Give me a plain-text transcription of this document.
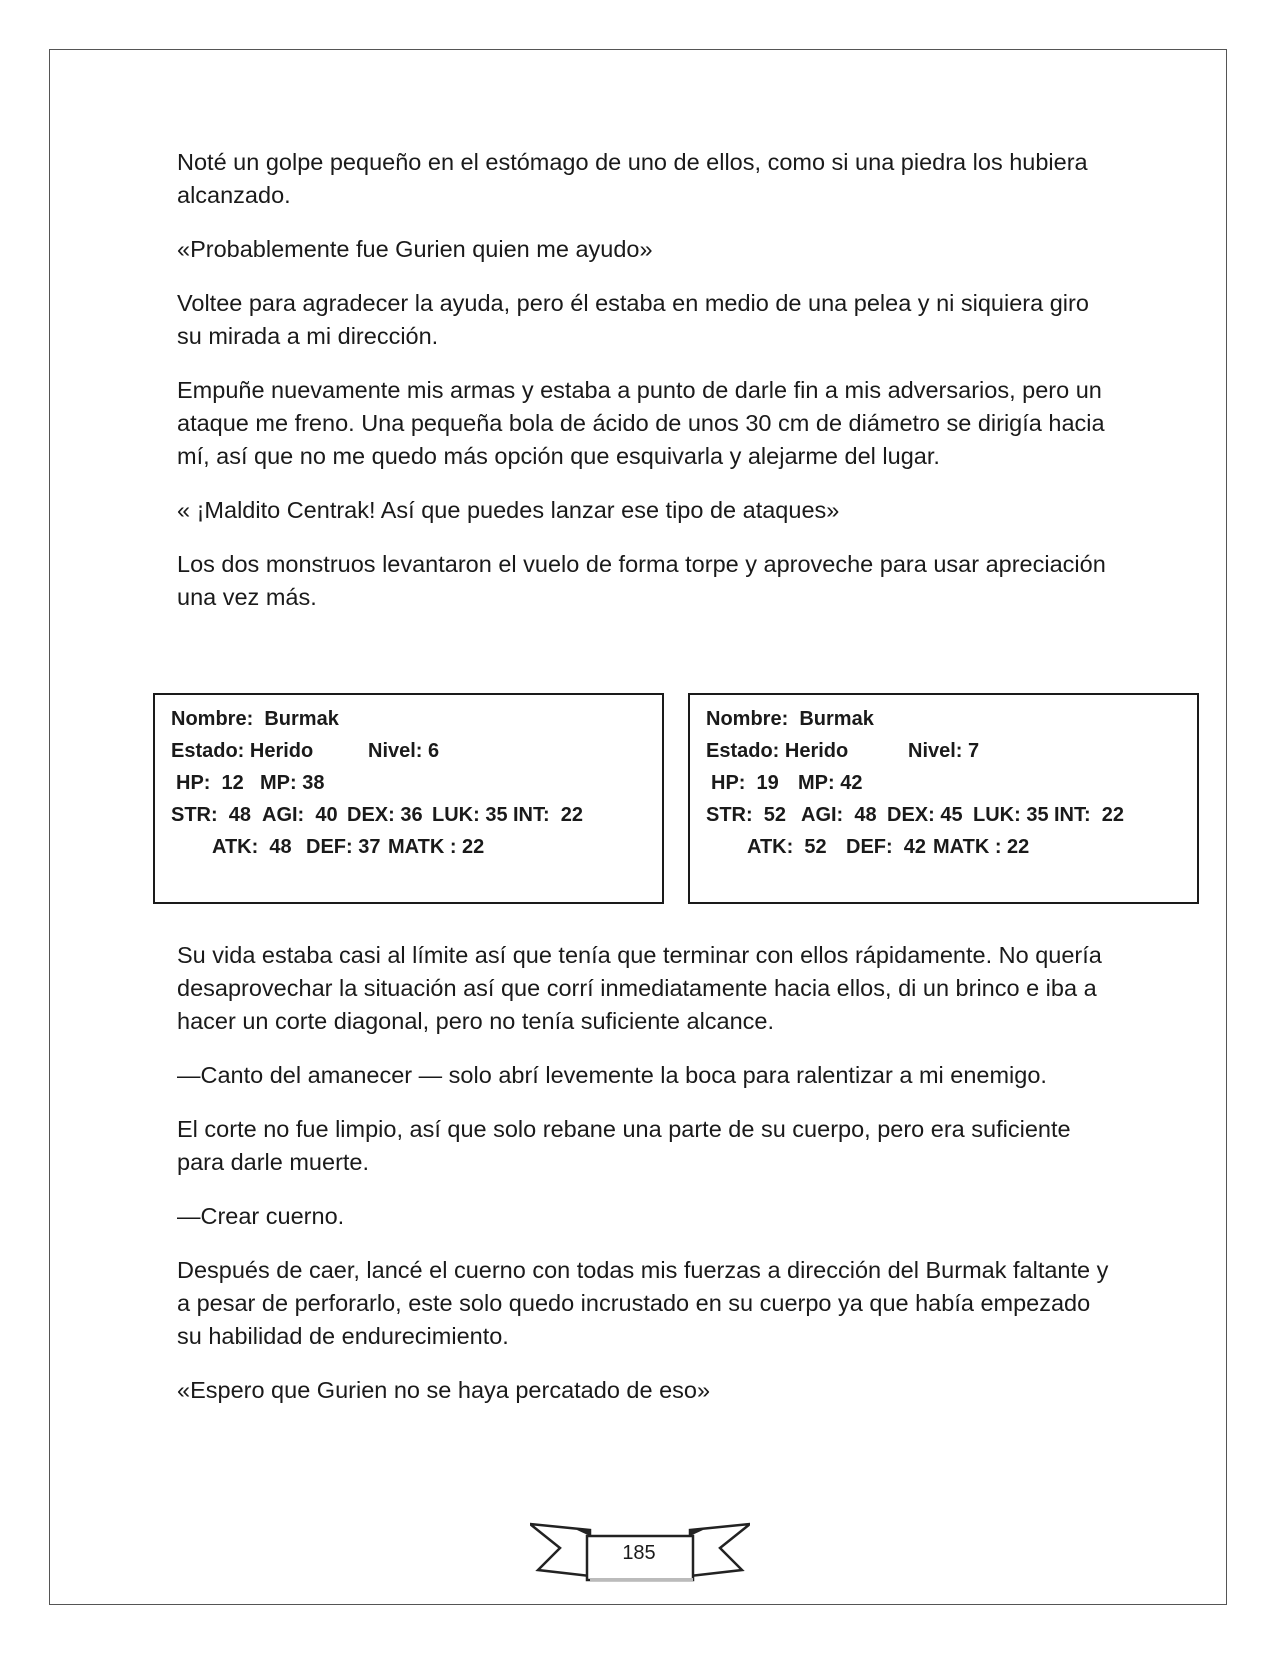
Noté un golpe pequeño en el estómago de uno de ellos, como si una piedra los hubiera alcanzado.

«Probablemente fue Gurien quien me ayudo»

Voltee para agradecer la ayuda, pero él estaba en medio de una pelea y ni siquiera giro su mirada a mi dirección.

Empuñe nuevamente mis armas y estaba a punto de darle fin a mis adversarios, pero un ataque me freno. Una pequeña bola de ácido de unos 30 cm de diámetro se dirigía hacia mí, así que no me quedo más opción que esquivarla y alejarme del lugar.

« ¡Maldito Centrak! Así que puedes lanzar ese tipo de ataques»

Los dos monstruos levantaron el vuelo de forma torpe y aproveche para usar apreciación una vez más.

Nombre:  Burmak

Estado: Herido

	Nivel: 6

HP:  12

MP: 38

STR:  48

AGI:  40

DEX: 36

LUK: 35

INT:  22

ATK:  48

DEF: 37

MATK : 22

Nombre:  Burmak

Estado: Herido

	Nivel: 7

HP:  19

MP: 42

STR:  52

AGI:  48

DEX: 45

LUK: 35

INT:  22

ATK:  52

DEF:  42

MATK : 22

Su vida estaba casi al límite así que tenía que terminar con ellos rápidamente. No quería desaprovechar la situación así que corrí inmediatamente hacia ellos, di un brinco e iba a hacer un corte diagonal, pero no tenía suficiente alcance.

—Canto del amanecer — solo abrí levemente la boca para ralentizar a mi enemigo.

El corte no fue limpio, así que solo rebane una parte de su cuerpo, pero era suficiente para darle muerte.

—Crear cuerno.

Después de caer, lancé el cuerno con todas mis fuerzas a dirección del Burmak faltante y a pesar de perforarlo, este solo quedo incrustado en su cuerpo ya que había empezado su habilidad de endurecimiento.

«Espero que Gurien no se haya percatado de eso»

185
